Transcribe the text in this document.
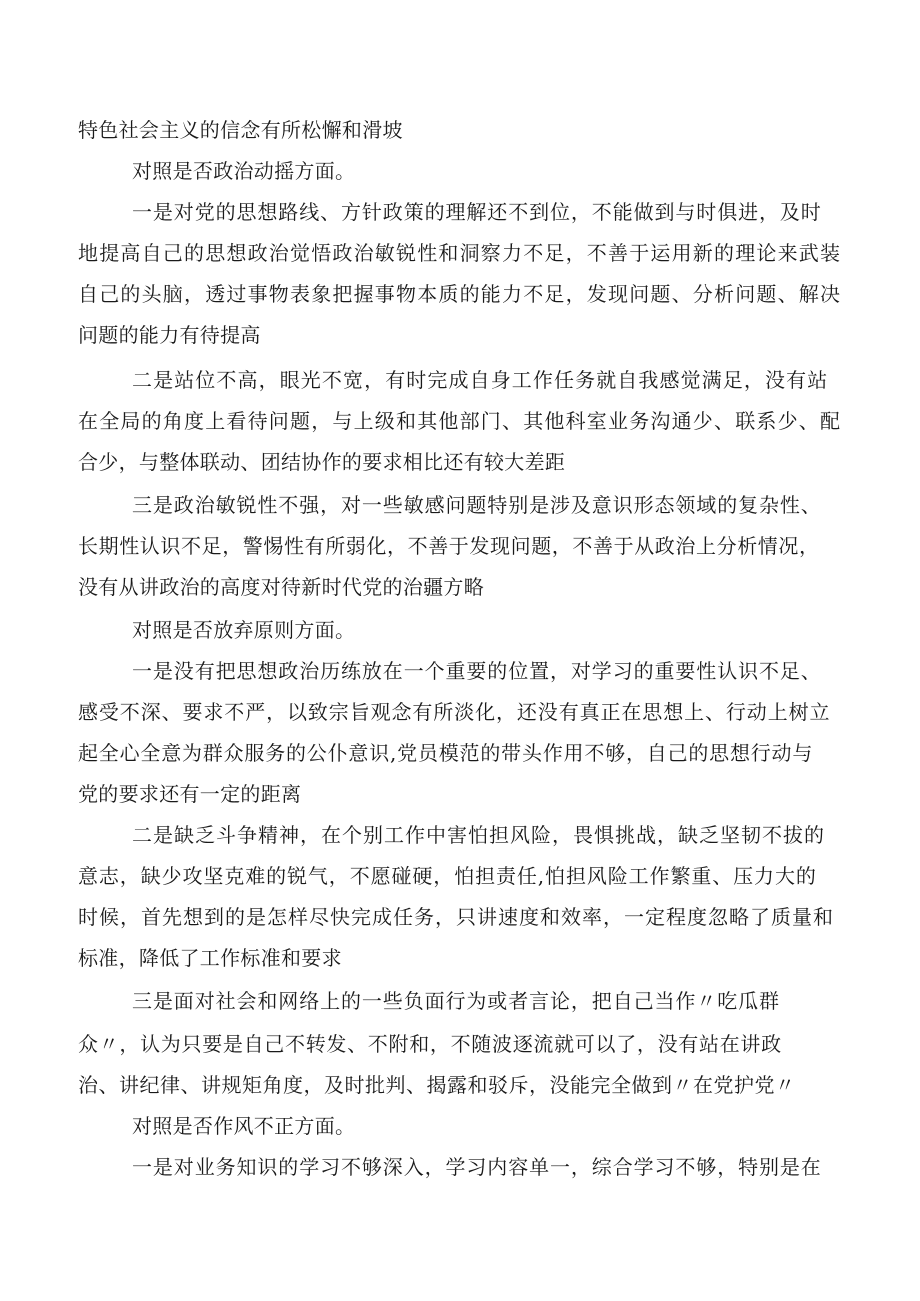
特色社会主义的信念有所松懈和滑坡
对照是否政治动摇方面。
一是对党的思想路线、方针政策的理解还不到位，不能做到与时俱进，及时
地提高自己的思想政治觉悟政治敏锐性和洞察力不足，不善于运用新的理论来武装
自己的头脑，透过事物表象把握事物本质的能力不足，发现问题、分析问题、解决
问题的能力有待提高
二是站位不高，眼光不宽，有时完成自身工作任务就自我感觉满足，没有站
在全局的角度上看待问题，与上级和其他部门、其他科室业务沟通少、联系少、配
合少，与整体联动、团结协作的要求相比还有较大差距
三是政治敏锐性不强，对一些敏感问题特别是涉及意识形态领域的复杂性、
长期性认识不足，警惕性有所弱化，不善于发现问题，不善于从政治上分析情况，
没有从讲政治的高度对待新时代党的治疆方略
对照是否放弃原则方面。
一是没有把思想政治历练放在一个重要的位置，对学习的重要性认识不足、
感受不深、要求不严，以致宗旨观念有所淡化，还没有真正在思想上、行动上树立
起全心全意为群众服务的公仆意识,党员模范的带头作用不够，自己的思想行动与
党的要求还有一定的距离
二是缺乏斗争精神，在个别工作中害怕担风险，畏惧挑战，缺乏坚韧不拔的
意志，缺少攻坚克难的锐气，不愿碰硬，怕担责任,怕担风险工作繁重、压力大的
时候，首先想到的是怎样尽快完成任务，只讲速度和效率，一定程度忽略了质量和
标准，降低了工作标准和要求
三是面对社会和网络上的一些负面行为或者言论，把自己当作〃吃瓜群
众〃，认为只要是自己不转发、不附和，不随波逐流就可以了，没有站在讲政
治、讲纪律、讲规矩角度，及时批判、揭露和驳斥，没能完全做到〃在党护党〃
对照是否作风不正方面。
一是对业务知识的学习不够深入，学习内容单一，综合学习不够，特别是在
